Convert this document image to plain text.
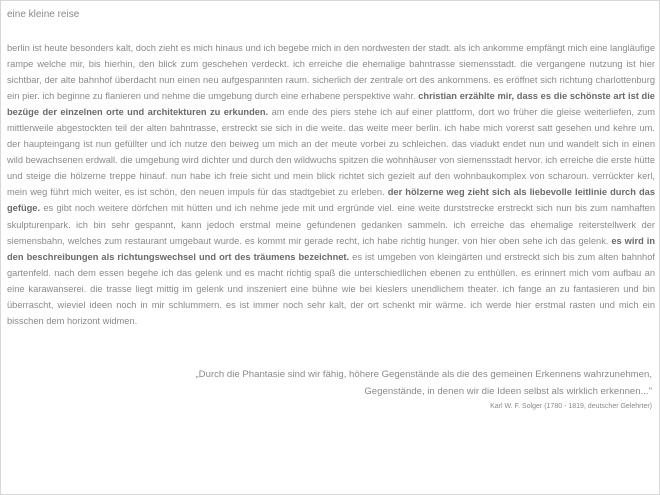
eine kleine reise

berlin ist heute besonders kalt, doch zieht es mich hinaus und ich begebe mich in den nordwesten der stadt. als ich ankomme empfängt mich eine langläufige rampe welche mir, bis hierhin, den blick zum geschehen verdeckt. ich erreiche die ehemalige bahntrasse siemensstadt. die vergangene nutzung ist hier sichtbar, der alte bahnhof überdacht nun einen neu aufgespannten raum. sicherlich der zentrale ort des ankommens. es eröffnet sich richtung charlottenburg ein pier. ich beginne zu flanieren und nehme die umgebung durch eine erhabene perspektive wahr. christian erzählte mir, dass es die schönste art ist die bezüge der einzelnen orte und architekturen zu erkunden. am ende des piers stehe ich auf einer plattform, dort wo früher die gleise weiterliefen, zum mittlerweile abgestockten teil der alten bahntrasse, erstreckt sie sich in die weite. das weite meer berlin. ich habe mich vorerst satt gesehen und kehre um. der haupteingang ist nun gefüllter und ich nutze den beiweg um mich an der meute vorbei zu schleichen. das viadukt endet nun und wandelt sich in einen wild bewachsenen erdwall. die umgebung wird dichter und durch den wildwuchs spitzen die wohnhäuser von siemensstadt hervor. ich erreiche die erste hütte und steige die hölzerne treppe hinauf. nun habe ich freie sicht und mein blick richtet sich gezielt auf den wohnbaukomplex von scharoun. verrückter kerl, mein weg führt mich weiter, es ist schön, den neuen impuls für das stadtgebiet zu erleben. der hölzerne weg zieht sich als liebevolle leitlinie durch das gefüge. es gibt noch weitere dörfchen mit hütten und ich nehme jede mit und ergründe viel. eine weite durststrecke erstreckt sich nun bis zum namhaften skulpturenpark. ich bin sehr gespannt, kann jedoch erstmal meine gefundenen gedanken sammeln. ich erreiche das ehemalige reiterstellwerk der siemensbahn, welches zum restaurant umgebaut wurde. es kommt mir gerade recht, ich habe richtig hunger. von hier oben sehe ich das gelenk. es wird in den beschreibungen als richtungswechsel und ort des träumens bezeichnet. es ist umgeben von kleingärten und erstreckt sich bis zum alten bahnhof gartenfeld. nach dem essen begehe ich das gelenk und es macht richtig spaß die unterschiedlichen ebenen zu enthüllen. es erinnert mich vom aufbau an eine karawanserei. die trasse liegt mittig im gelenk und inszeniert eine bühne wie bei kieslers unendlichem theater. ich fange an zu fantasieren und bin überrascht, wieviel ideen noch in mir schlummern. es ist immer noch sehr kalt, der ort schenkt mir wärme. ich werde hier erstmal rasten und mich ein bisschen dem horizont widmen.

„Durch die Phantasie sind wir fähig, höhere Gegenstände als die des gemeinen Erkennens wahrzunehmen,
Gegenstände, in denen wir die Ideen selbst als wirklich erkennen..."
Karl W. F. Solger (1780 - 1819, deutscher Gelehrter)
